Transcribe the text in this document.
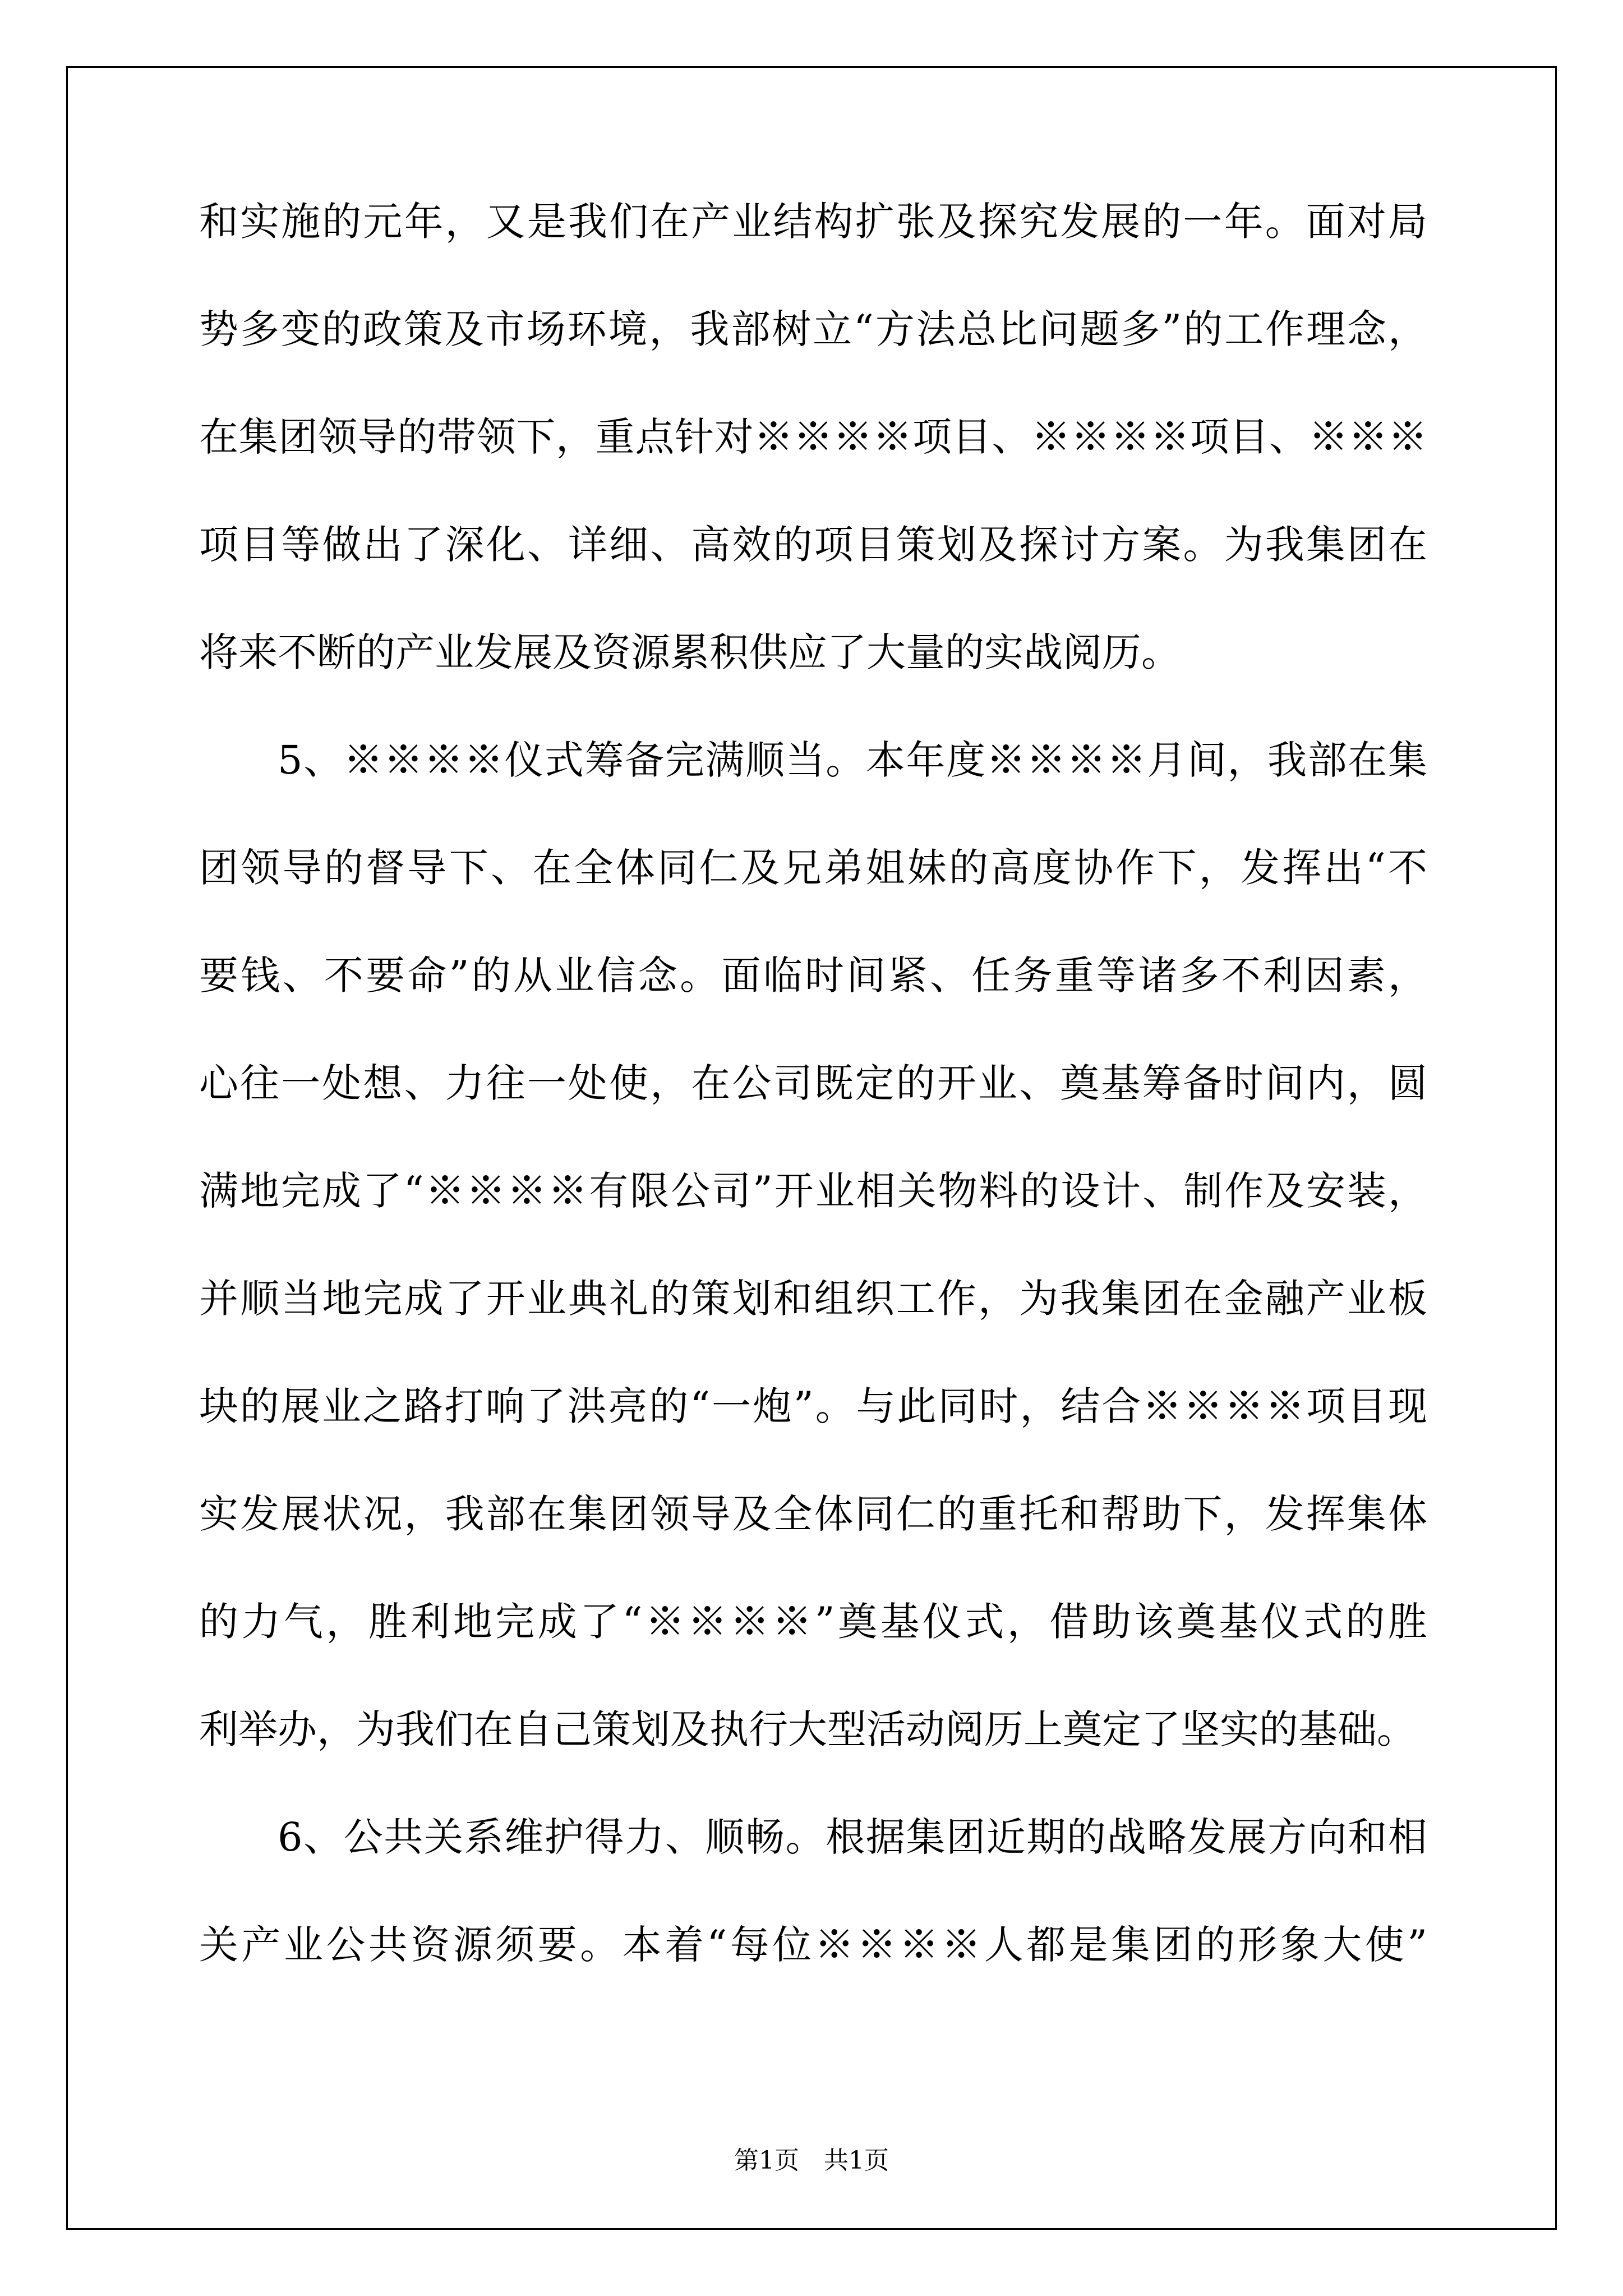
和实施的元年，又是我们在产业结构扩张及探究发展的一年。面对局
势多变的政策及市场环境，我部树立“方法总比问题多”的工作理念，
在集团领导的带领下，重点针对※※※※项目、※※※※项目、※※※
项目等做出了深化、详细、高效的项目策划及探讨方案。为我集团在
将来不断的产业发展及资源累积供应了大量的实战阅历。
5、※※※※仪式筹备完满顺当。本年度※※※※月间，我部在集
团领导的督导下、在全体同仁及兄弟姐妹的高度协作下，发挥出“不
要钱、不要命”的从业信念。面临时间紧、任务重等诸多不利因素，
心往一处想、力往一处使，在公司既定的开业、奠基筹备时间内，圆
满地完成了“※※※※有限公司”开业相关物料的设计、制作及安装，
并顺当地完成了开业典礼的策划和组织工作，为我集团在金融产业板
块的展业之路打响了洪亮的“一炮”。与此同时，结合※※※※项目现
实发展状况，我部在集团领导及全体同仁的重托和帮助下，发挥集体
的力气，胜利地完成了“※※※※”奠基仪式，借助该奠基仪式的胜
利举办，为我们在自己策划及执行大型活动阅历上奠定了坚实的基础。
6、公共关系维护得力、顺畅。根据集团近期的战略发展方向和相
关产业公共资源须要。本着“每位※※※※人都是集团的形象大使”
第1页　共1页
